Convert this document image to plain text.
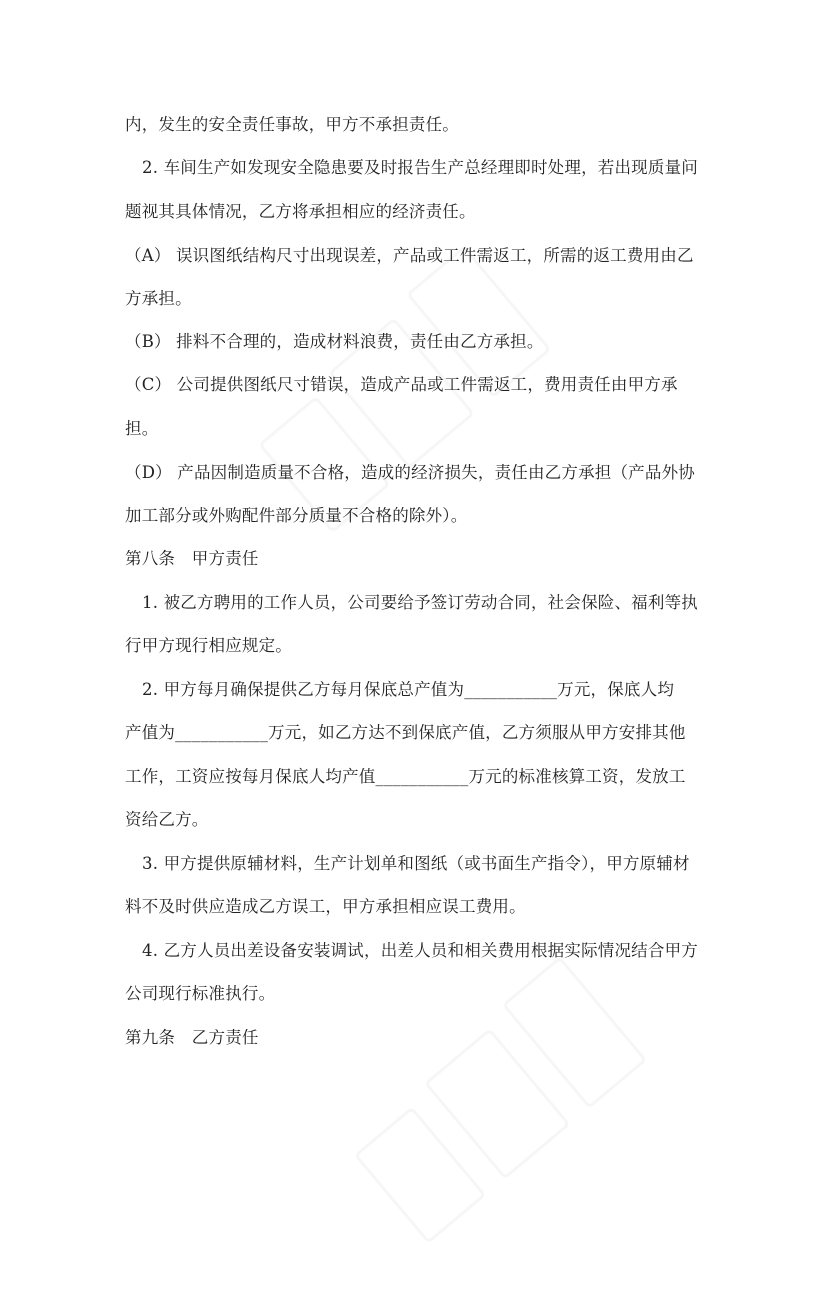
内，发生的安全责任事故，甲方不承担责任。
2. 车间生产如发现安全隐患要及时报告生产总经理即时处理，若出现质量问
题视其具体情况，乙方将承担相应的经济责任。
（A） 误识图纸结构尺寸出现误差，产品或工件需返工，所需的返工费用由乙
方承担。
（B） 排料不合理的，造成材料浪费，责任由乙方承担。
（C） 公司提供图纸尺寸错误，造成产品或工件需返工，费用责任由甲方承
担。
（D） 产品因制造质量不合格，造成的经济损失，责任由乙方承担（产品外协
加工部分或外购配件部分质量不合格的除外）。
第八条　甲方责任
1. 被乙方聘用的工作人员，公司要给予签订劳动合同，社会保险、福利等执
行甲方现行相应规定。
2. 甲方每月确保提供乙方每月保底总产值为___________万元，保底人均
产值为___________万元，如乙方达不到保底产值，乙方须服从甲方安排其他
工作，工资应按每月保底人均产值___________万元的标准核算工资，发放工
资给乙方。
3. 甲方提供原辅材料，生产计划单和图纸（或书面生产指令），甲方原辅材
料不及时供应造成乙方误工，甲方承担相应误工费用。
4. 乙方人员出差设备安装调试，出差人员和相关费用根据实际情况结合甲方
公司现行标准执行。
第九条　乙方责任
